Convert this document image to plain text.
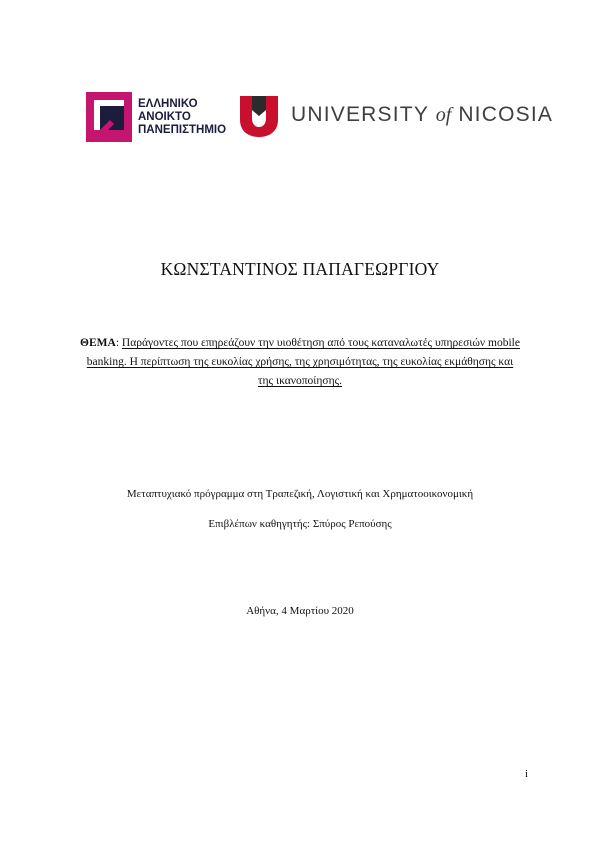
ΕΛΛΗΝΙΚΟ
ΑΝΟΙΚΤΟ
ΠΑΝΕΠΙΣΤΗΜΙΟ
UNIVERSITY of NICOSIA
ΚΩΝΣΤΑΝΤΙΝΟΣ ΠΑΠΑΓΕΩΡΓΙΟΥ
ΘΕΜΑ: Παράγοντες που επηρεάζουν την υιοθέτηση από τους καταναλωτές υπηρεσιών mobile banking. Η περίπτωση της ευκολίας χρήσης, της χρησιμότητας, της ευκολίας εκμάθησης και της ικανοποίησης.
Μεταπτυχιακό πρόγραμμα στη Τραπεζική, Λογιστική και Χρηματοοικονομική
Επιβλέπων καθηγητής: Σπύρος Ρεπούσης
Αθήνα, 4 Μαρτίου 2020
i
